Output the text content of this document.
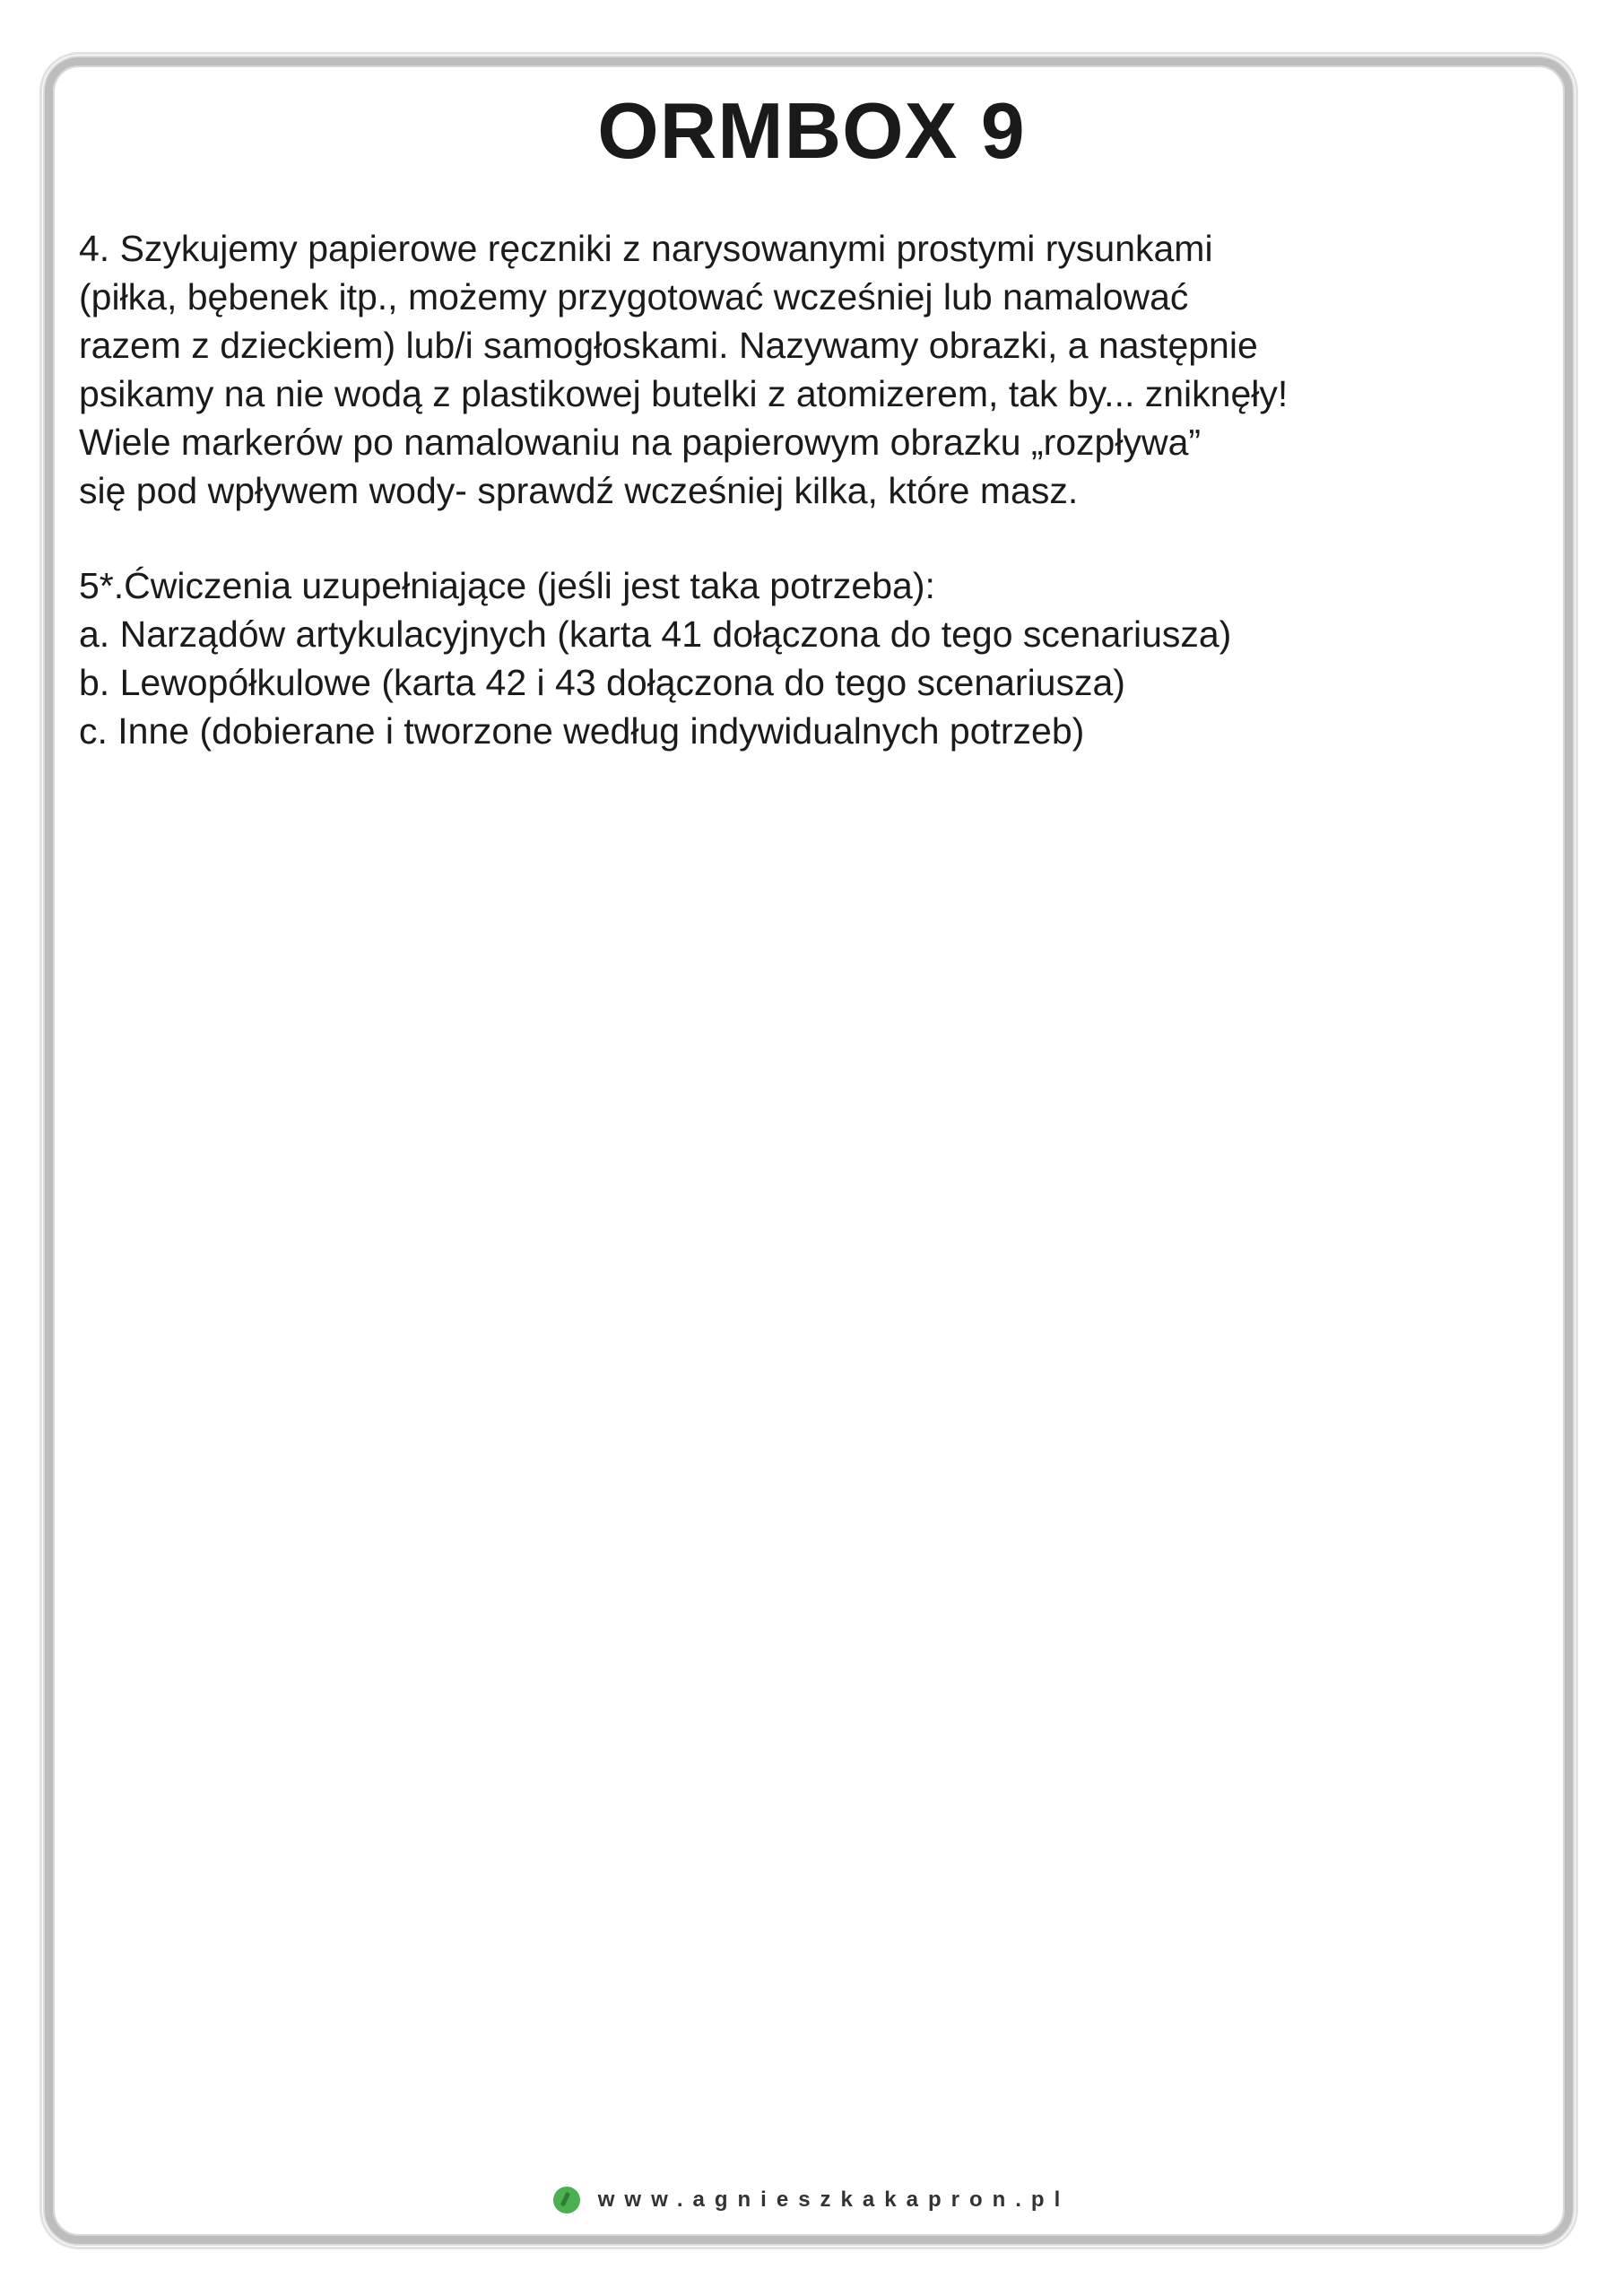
ORMBOX 9
4. Szykujemy papierowe ręczniki z narysowanymi prostymi rysunkami
(piłka, bębenek itp., możemy przygotować wcześniej lub namalować
razem z dzieckiem) lub/i samogłoskami. Nazywamy obrazki, a następnie
psikamy na nie wodą z plastikowej butelki z atomizerem, tak by... zniknęły!
Wiele markerów po namalowaniu na papierowym obrazku „rozpływa”
się pod wpływem wody- sprawdź wcześniej kilka, które masz.
5*.Ćwiczenia uzupełniające (jeśli jest taka potrzeba):
a. Narządów artykulacyjnych (karta 41 dołączona do tego scenariusza)
b. Lewopółkulowe (karta 42 i 43 dołączona do tego scenariusza)
c. Inne (dobierane i tworzone według indywidualnych potrzeb)
www.agnieszkakapron.pl
